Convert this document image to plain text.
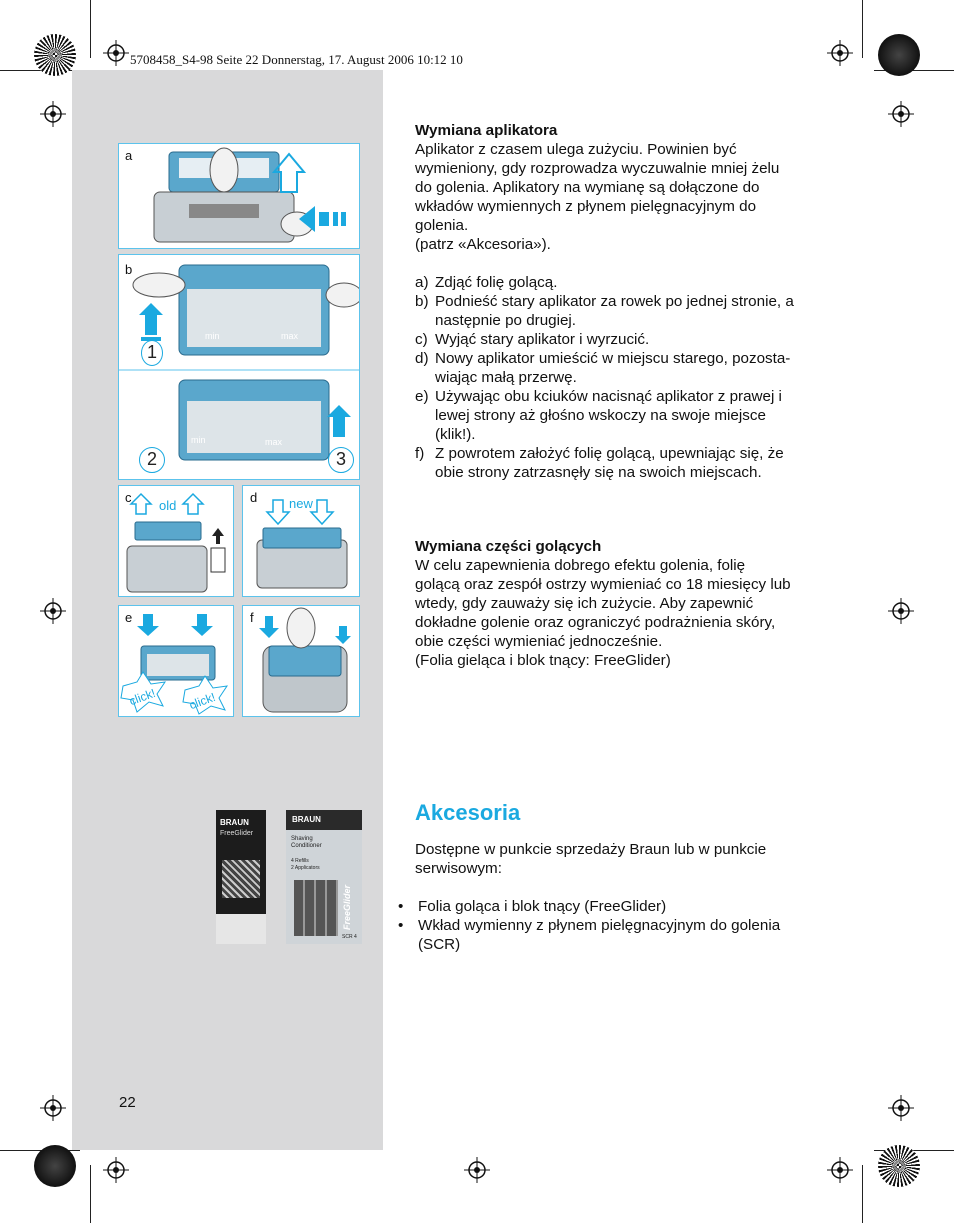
5708458_S4-98 Seite 22 Donnerstag, 17. August 2006 10:12 10
a
min	max
min	max
b
1
2	3
old
c	new
d
click!	click!
e	f
BRAUN
FreeGlider
BRAUN
Shaving
Conditioner
4 Refills
2 Applicators
FreeGlider
SCR 4
Wymiana aplikatora
Aplikator z czasem ulega zużyciu. Powinien być
wymieniony, gdy rozprowadza wyczuwalnie mniej żelu
do golenia. Aplikatory na wymianę są dołączone do
wkładów wymiennych z płynem pielęgnacyjnym do
golenia.
(patrz «Akcesoria»).
a) Zdjąć folię golącą.
b) Podnieść stary aplikator za rowek po jednej stronie, a
następnie po drugiej.
c) Wyjąć stary aplikator i wyrzucić.
d) Nowy aplikator umieścić w miejscu starego, pozosta-
wiając małą przerwę.
e) Używając obu kciuków nacisnąć aplikator z prawej i
lewej strony aż głośno wskoczy na swoje miejsce
(klik!).
f) Z powrotem założyć folię golącą, upewniając się, że
obie strony zatrzasnęły się na swoich miejscach.
Wymiana części golących
W celu zapewnienia dobrego efektu golenia, folię
golącą oraz zespół ostrzy wymieniać co 18 miesięcy lub
wtedy, gdy zauważy się ich zużycie. Aby zapewnić
dokładne golenie oraz ograniczyć podrażnienia skóry,
obie części wymieniać jednocześnie.
(Folia gieląca i blok tnący: FreeGlider)
Akcesoria
Dostępne w punkcie sprzedaży Braun lub w punkcie
serwisowym:
• Folia goląca i blok tnący (FreeGlider)
• Wkład wymienny z płynem pielęgnacyjnym do golenia
(SCR)
22
